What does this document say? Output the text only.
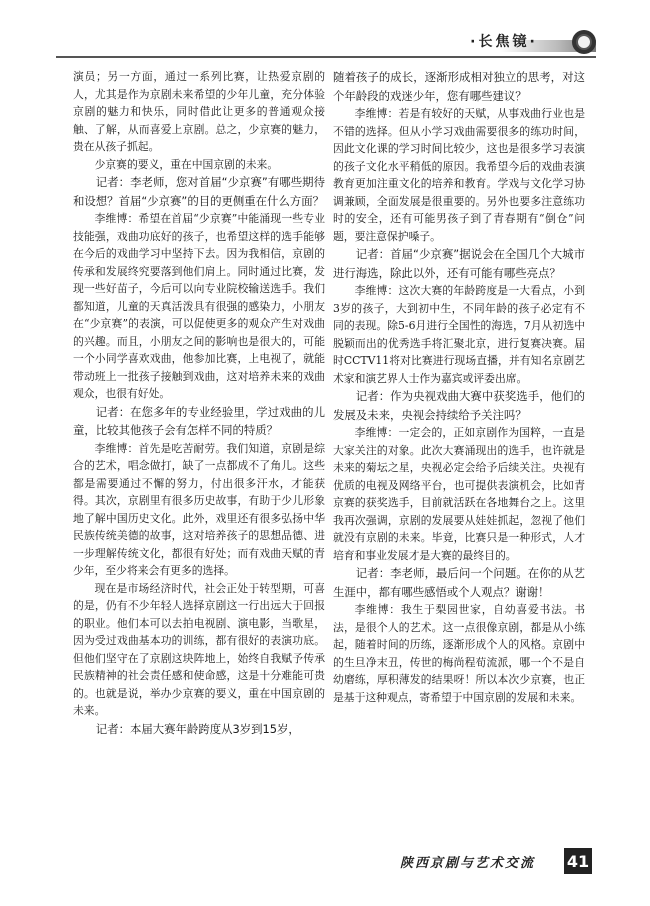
·长焦镜·

演员；另一方面，通过一系列比赛，让热爱京剧的人，尤其是作为京剧未来希望的少年儿童，充分体验京剧的魅力和快乐，同时借此让更多的普通观众接触、了解，从而喜爱上京剧。总之，少京赛的魅力，贵在从孩子抓起。

少京赛的要义，重在中国京剧的未来。

记者：李老师，您对首届“少京赛”有哪些期待和设想？首届“少京赛”的目的更侧重在什么方面？

李维博：希望在首届“少京赛”中能涌现一些专业技能强，戏曲功底好的孩子，也希望这样的选手能够在今后的戏曲学习中坚持下去。因为我相信，京剧的传承和发展终究要落到他们肩上。同时通过比赛，发现一些好苗子，今后可以向专业院校输送选手。我们都知道，儿童的天真活泼具有很强的感染力，小朋友在“少京赛”的表演，可以促使更多的观众产生对戏曲的兴趣。而且，小朋友之间的影响也是很大的，可能一个小同学喜欢戏曲，他参加比赛，上电视了，就能带动班上一批孩子接触到戏曲，这对培养未来的戏曲观众，也很有好处。

记者：在您多年的专业经验里，学过戏曲的儿童，比较其他孩子会有怎样不同的特质？

李维博：首先是吃苦耐劳。我们知道，京剧是综合的艺术，唱念做打，缺了一点都成不了角儿。这些都是需要通过不懈的努力，付出很多汗水，才能获得。其次，京剧里有很多历史故事，有助于少儿形象地了解中国历史文化。此外，戏里还有很多弘扬中华民族传统美德的故事，这对培养孩子的思想品德、进一步理解传统文化，都很有好处；而有戏曲天赋的青少年，至少将来会有更多的选择。

现在是市场经济时代，社会正处于转型期，可喜的是，仍有不少年轻人选择京剧这一行出远大于回报的职业。他们本可以去拍电视剧、演电影，当歌星，因为受过戏曲基本功的训练，都有很好的表演功底。但他们坚守在了京剧这块阵地上，始终自我赋予传承民族精神的社会责任感和使命感，这是十分难能可贵的。也就是说，举办少京赛的要义，重在中国京剧的未来。

记者：本届大赛年龄跨度从3岁到15岁，

随着孩子的成长，逐渐形成相对独立的思考，对这个年龄段的戏迷少年，您有哪些建议？

李维博：若是有较好的天赋，从事戏曲行业也是不错的选择。但从小学习戏曲需要很多的练功时间，因此文化课的学习时间比较少，这也是很多学习表演的孩子文化水平稍低的原因。我希望今后的戏曲表演教育更加注重文化的培养和教育。学戏与文化学习协调兼顾，全面发展是很重要的。另外也要多注意练功时的安全，还有可能男孩子到了青春期有“倒仓”问题，要注意保护嗓子。

记者：首届“少京赛”据说会在全国几个大城市进行海选，除此以外，还有可能有哪些亮点？

李维博：这次大赛的年龄跨度是一大看点，小到3岁的孩子，大到初中生，不同年龄的孩子必定有不同的表现。除5-6月进行全国性的海选，7月从初选中脱颖而出的优秀选手将汇聚北京，进行复赛决赛。届时CCTV11将对比赛进行现场直播，并有知名京剧艺术家和演艺界人士作为嘉宾或评委出席。

记者：作为央视戏曲大赛中获奖选手，他们的发展及未来，央视会持续给予关注吗？

李维博：一定会的，正如京剧作为国粹，一直是大家关注的对象。此次大赛涌现出的选手，也许就是未来的菊坛之星，央视必定会给予后续关注。央视有优质的电视及网络平台，也可提供表演机会，比如青京赛的获奖选手，目前就活跃在各地舞台之上。这里我再次强调，京剧的发展要从娃娃抓起，忽视了他们就没有京剧的未来。毕竟，比赛只是一种形式，人才培育和事业发展才是大赛的最终目的。

记者：李老师，最后问一个问题。在你的从艺生涯中，都有哪些感悟或个人观点？谢谢！

李维博：我生于梨园世家，自幼喜爱书法。书法，是很个人的艺术。这一点很像京剧，都是从小练起，随着时间的历练，逐渐形成个人的风格。京剧中的生旦净末丑，传世的梅尚程荀流派，哪一个不是自幼磨练，厚积薄发的结果呀！所以本次少京赛，也正是基于这种观点，寄希望于中国京剧的发展和未来。

陕西京剧与艺术交流	41
